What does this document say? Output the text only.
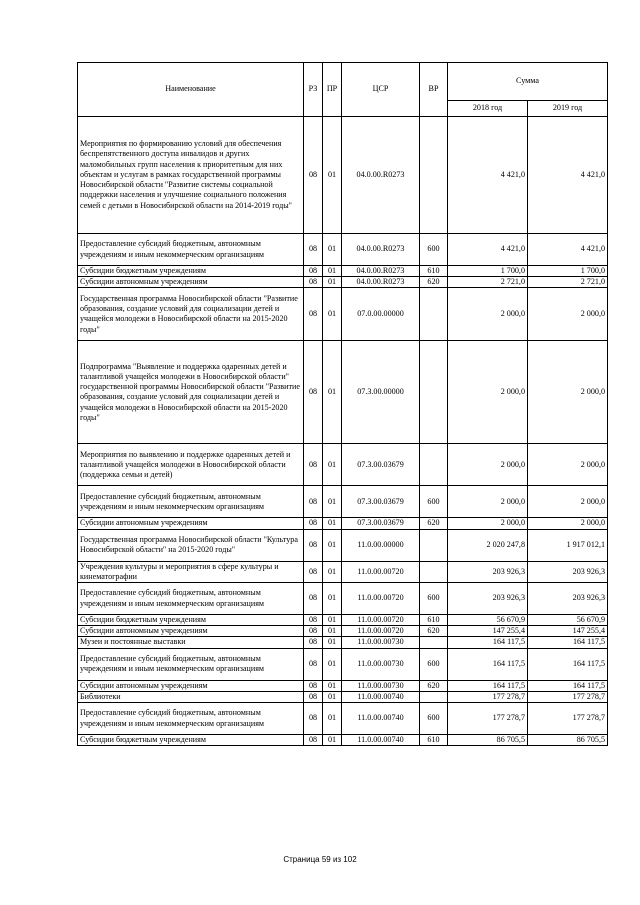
Наименование	РЗ	ПР	ЦСР	ВР	Сумма	
					2018 год	2019 год
Мероприятия по формированию условий для обеспечения беспрепятственного доступа инвалидов и других маломобильных групп населения к приоритетным для них объектам и услугам в рамках государственной программы Новосибирской области "Развитие системы социальной поддержки населения и улучшение социального положения семей с детьми в Новосибирской области на 2014-2019 годы"	08	01	04.0.00.R0273		4 421,0	4 421,0
Предоставление субсидий бюджетным, автономным учреждениям и иным некоммерческим организациям	08	01	04.0.00.R0273	600	4 421,0	4 421,0
Субсидии бюджетным учреждениям	08	01	04.0.00.R0273	610	1 700,0	1 700,0
Субсидии автономным учреждениям	08	01	04.0.00.R0273	620	2 721,0	2 721,0
Государственная программа Новосибирской области "Развитие образования, создание условий для социализации детей и учащейся молодежи в Новосибирской области на 2015-2020 годы"	08	01	07.0.00.00000		2 000,0	2 000,0
Подпрограмма "Выявление и поддержка одаренных детей и талантливой учащейся молодежи в Новосибирской области" государственной программы Новосибирской области "Развитие образования, создание условий для социализации детей и учащейся молодежи в Новосибирской области на 2015-2020 годы"	08	01	07.3.00.00000		2 000,0	2 000,0
Мероприятия по выявлению и поддержке одаренных детей и талантливой учащейся молодежи в Новосибирской области (поддержка семьи и детей)	08	01	07.3.00.03679		2 000,0	2 000,0
Предоставление субсидий бюджетным, автономным учреждениям и иным некоммерческим организациям	08	01	07.3.00.03679	600	2 000,0	2 000,0
Субсидии автономным учреждениям	08	01	07.3.00.03679	620	2 000,0	2 000,0
Государственная программа Новосибирской области "Культура Новосибирской области" на 2015-2020 годы"	08	01	11.0.00.00000		2 020 247,8	1 917 012,1
Учреждения культуры и мероприятия в сфере культуры и кинематографии	08	01	11.0.00.00720		203 926,3	203 926,3
Предоставление субсидий бюджетным, автономным учреждениям и иным некоммерческим организациям	08	01	11.0.00.00720	600	203 926,3	203 926,3
Субсидии бюджетным учреждениям	08	01	11.0.00.00720	610	56 670,9	56 670,9
Субсидии автономным учреждениям	08	01	11.0.00.00720	620	147 255,4	147 255,4
Музеи и постоянные выставки	08	01	11.0.00.00730		164 117,5	164 117,5
Предоставление субсидий бюджетным, автономным учреждениям и иным некоммерческим организациям	08	01	11.0.00.00730	600	164 117,5	164 117,5
Субсидии автономным учреждениям	08	01	11.0.00.00730	620	164 117,5	164 117,5
Библиотеки	08	01	11.0.00.00740		177 278,7	177 278,7
Предоставление субсидий бюджетным, автономным учреждениям и иным некоммерческим организациям	08	01	11.0.00.00740	600	177 278,7	177 278,7
Субсидии бюджетным учреждениям	08	01	11.0.00.00740	610	86 705,5	86 705,5
Страница 59 из 102
